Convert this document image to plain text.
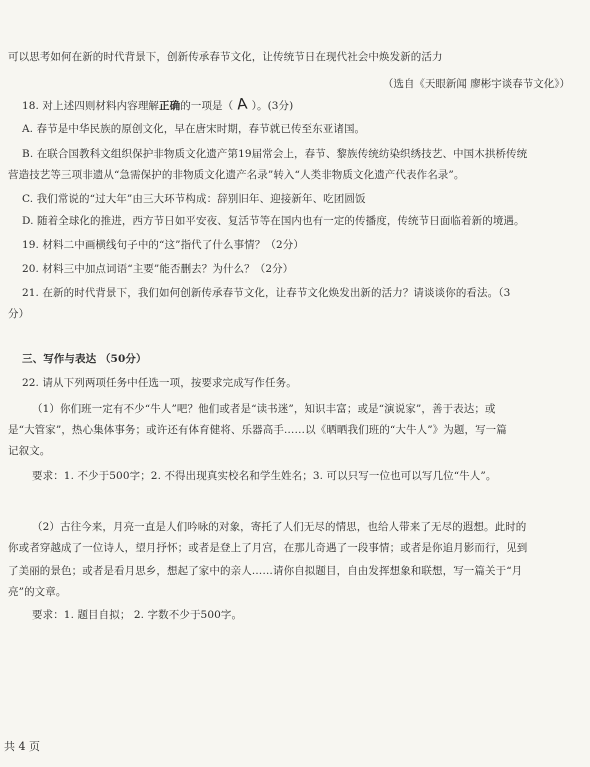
可以思考如何在新的时代背景下，创新传承春节文化，让传统节日在现代社会中焕发新的活力
（选自《天眼新闻 廖彬宇谈春节文化》）
18. 对上述四则材料内容理解正确的一项是（ A ）。(3分)
A. 春节是中华民族的原创文化，早在唐宋时期，春节就已传至东亚诸国。
B. 在联合国教科文组织保护非物质文化遗产第19届常会上，春节、黎族传统纺染织绣技艺、中国木拱桥传统
营造技艺等三项非遗从“急需保护的非物质文化遗产名录”转入“人类非物质文化遗产代表作名录”。
C. 我们常说的“过大年”由三大环节构成：辞别旧年、迎接新年、吃团圆饭
D. 随着全球化的推进，西方节日如平安夜、复活节等在国内也有一定的传播度，传统节日面临着新的境遇。
19. 材料二中画横线句子中的“这”指代了什么事情？（2分）
20. 材料三中加点词语“主要”能否删去？为什么？（2分）
21. 在新的时代背景下，我们如何创新传承春节文化，让春节文化焕发出新的活力？请谈谈你的看法。（3
分）
三、写作与表达 （50分）
22. 请从下列两项任务中任选一项，按要求完成写作任务。
（1）你们班一定有不少“牛人”吧？他们或者是“读书迷”，知识丰富；或是“演说家”，善于表达；或
是“大管家”，热心集体事务；或许还有体育健将、乐器高手……以《晒晒我们班的“大牛人”》为题，写一篇
记叙文。
要求：1. 不少于500字；2. 不得出现真实校名和学生姓名；3. 可以只写一位也可以写几位“牛人”。
（2）古往今来，月亮一直是人们吟咏的对象，寄托了人们无尽的情思，也给人带来了无尽的遐想。此时的
你或者穿越成了一位诗人，望月抒怀；或者是登上了月宫，在那儿奇遇了一段事情；或者是你追月影而行，见到
了美丽的景色；或者是看月思乡，想起了家中的亲人……请你自拟题目，自由发挥想象和联想，写一篇关于“月
亮”的文章。
要求：1. 题目自拟； 2. 字数不少于500字。
共 4 页
